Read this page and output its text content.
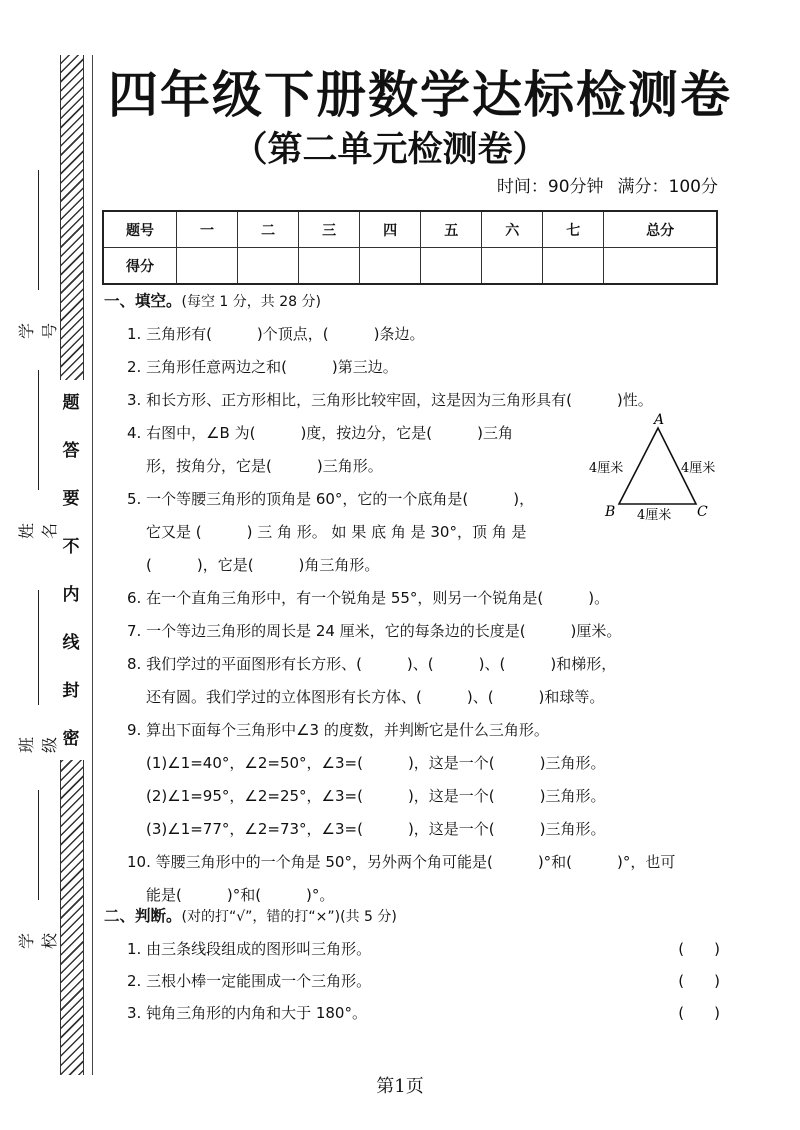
题
答
要
不
内
线
封
密
学号
姓名
班级
学校
四年级下册数学达标检测卷
（第二单元检测卷）
时间：90分钟 满分：100分
题号	一	二	三	四	五	六	七	总分
得分								
一、填空。(每空 1 分，共 28 分)
1. 三角形有(　　　)个顶点，(　　　)条边。
2. 三角形任意两边之和(　　　)第三边。
3. 和长方形、正方形相比，三角形比较牢固，这是因为三角形具有(　　　)性。
4. 右图中，∠B 为(　　　)度，按边分，它是(　　　)三角
形，按角分，它是(　　　)三角形。
5. 一个等腰三角形的顶角是 60°，它的一个底角是(　　　)，
它又是 (　　　) 三 角 形。 如 果 底 角 是 30°，顶 角 是
(　　　)，它是(　　　)角三角形。
6. 在一个直角三角形中，有一个锐角是 55°，则另一个锐角是(　　　)。
7. 一个等边三角形的周长是 24 厘米，它的每条边的长度是(　　　)厘米。
8. 我们学过的平面图形有长方形、(　　　)、(　　　)、(　　　)和梯形，
还有圆。我们学过的立体图形有长方体、(　　　)、(　　　)和球等。
9. 算出下面每个三角形中∠3 的度数，并判断它是什么三角形。
(1)∠1=40°，∠2=50°，∠3=(　　　)，这是一个(　　　)三角形。
(2)∠1=95°，∠2=25°，∠3=(　　　)，这是一个(　　　)三角形。
(3)∠1=77°，∠2=73°，∠3=(　　　)，这是一个(　　　)三角形。
10. 等腰三角形中的一个角是 50°，另外两个角可能是(　　　)°和(　　　)°，也可
能是(　　　)°和(　　　)°。
A
B	C
4厘米	4厘米
4厘米
二、判断。(对的打“√”，错的打“×”)(共 5 分)
1. 由三条线段组成的图形叫三角形。	(　　)
2. 三根小棒一定能围成一个三角形。	(　　)
3. 钝角三角形的内角和大于 180°。	(　　)
第1页
